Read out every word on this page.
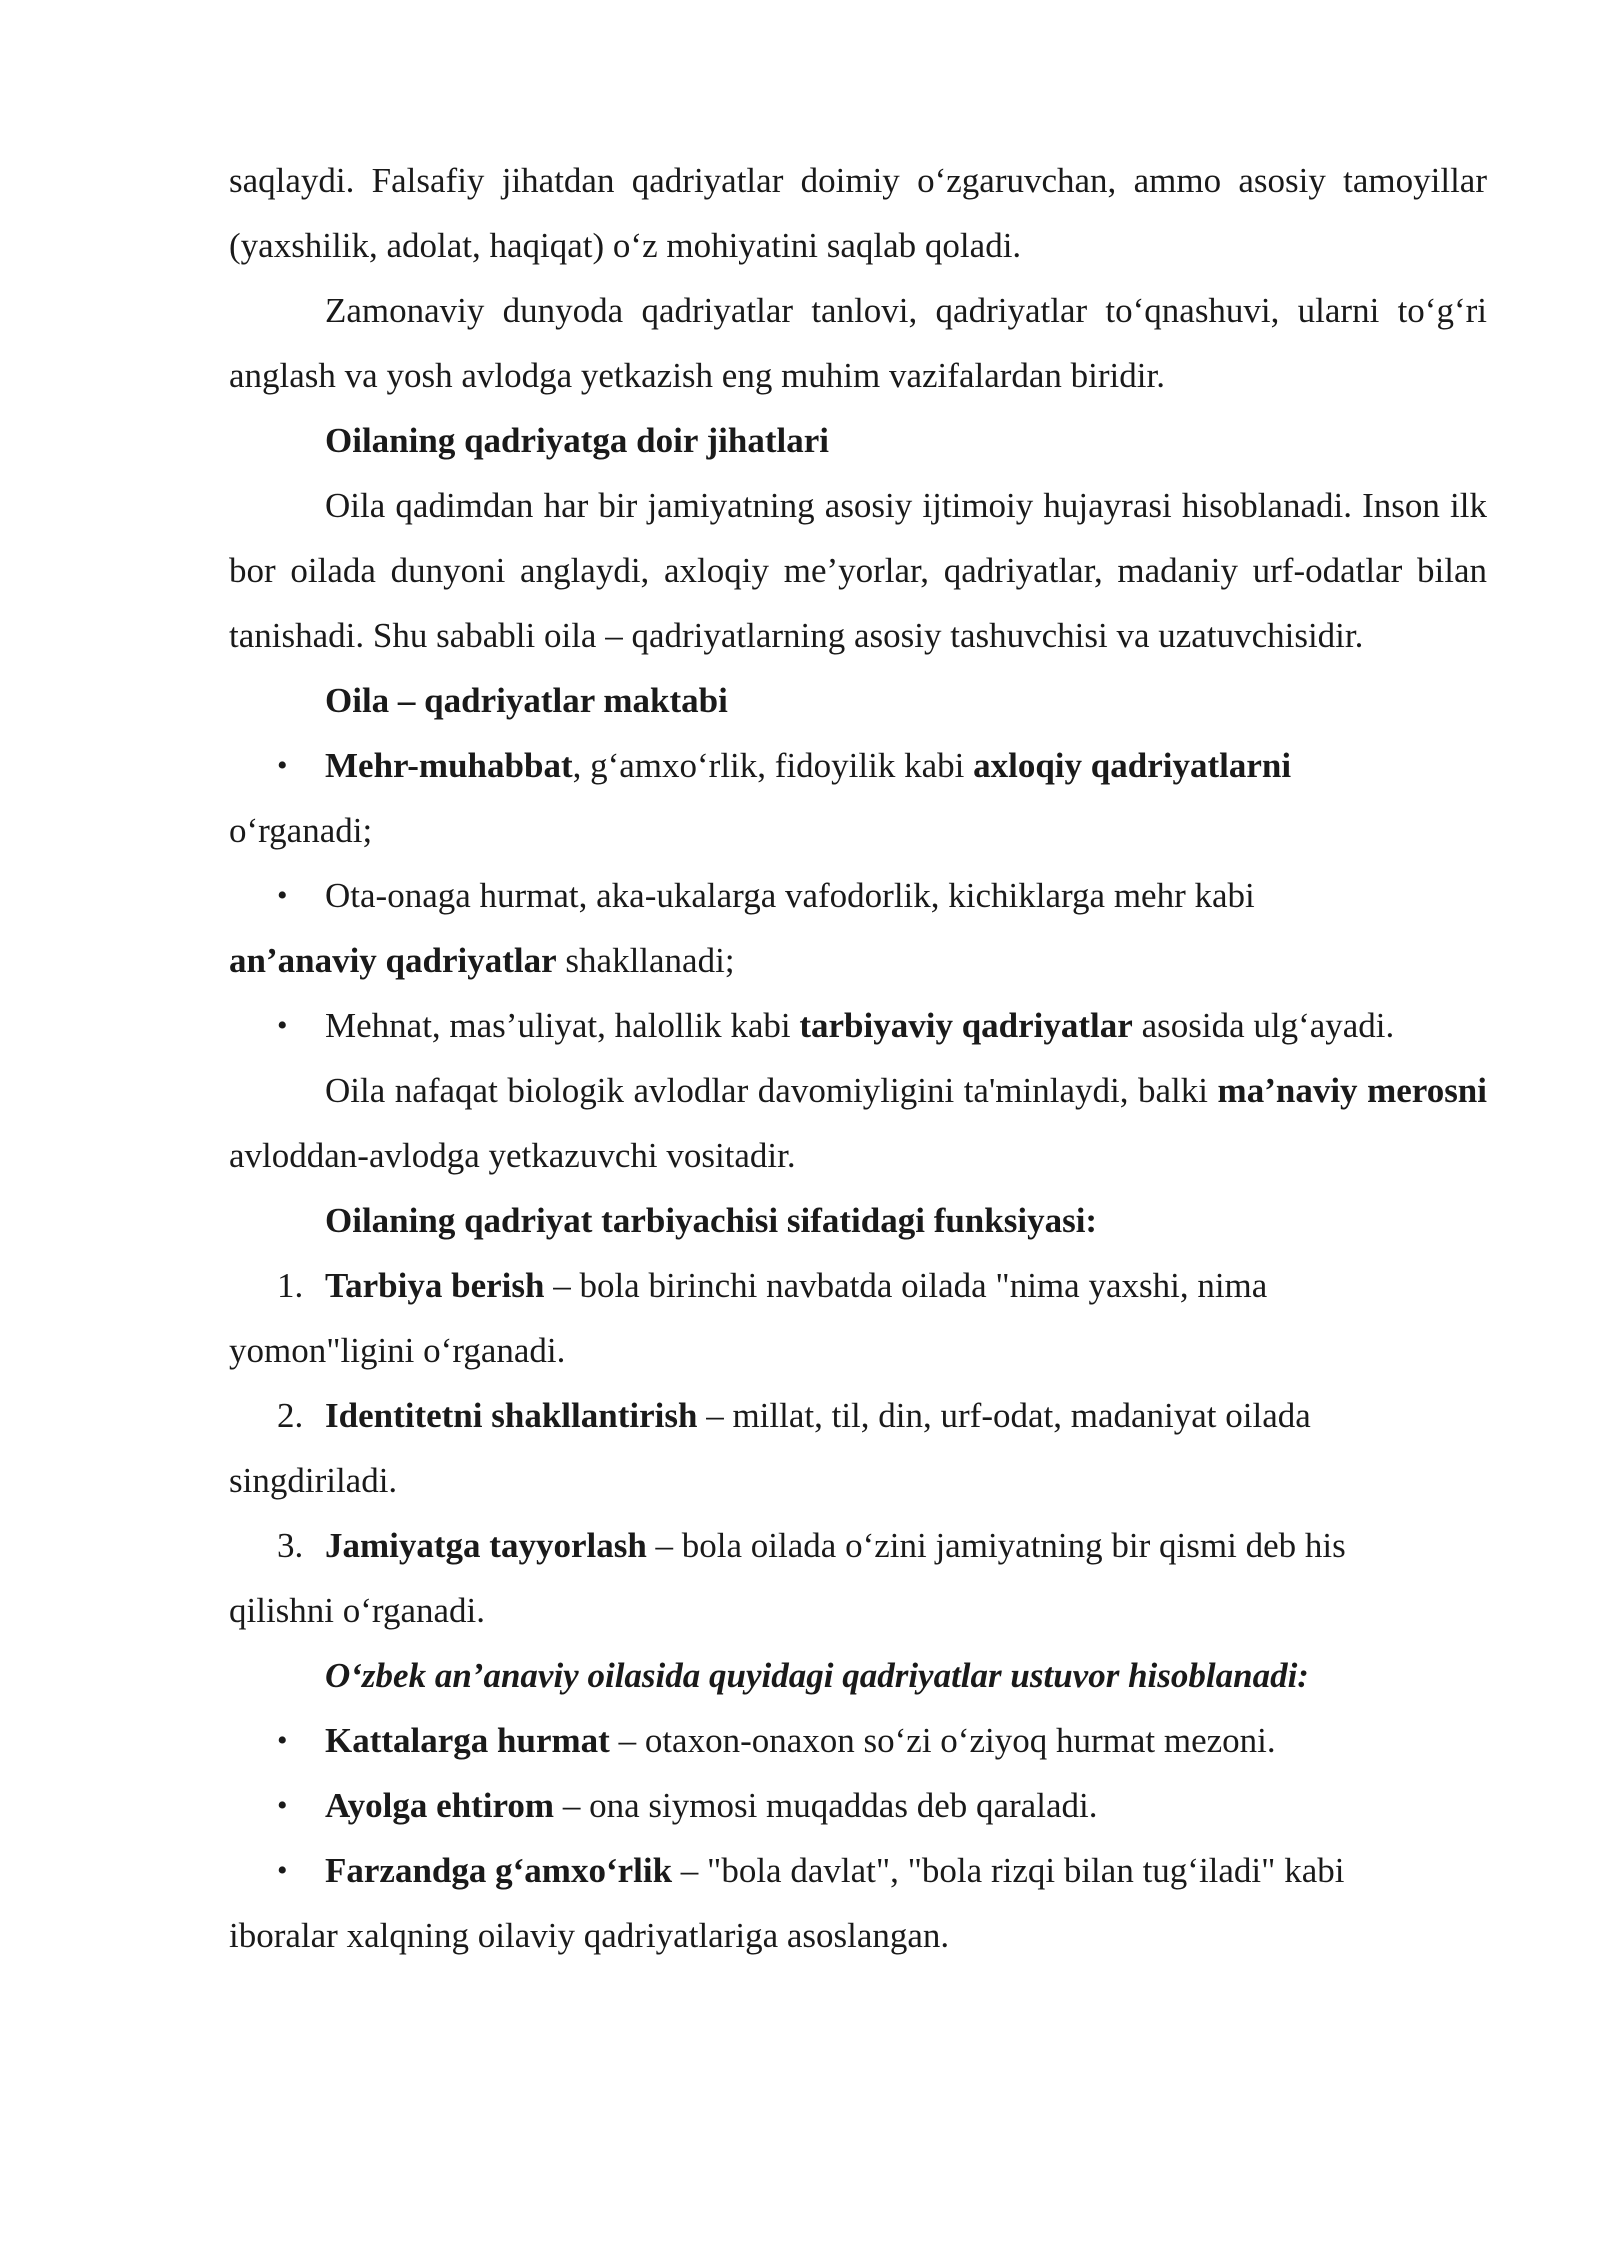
saqlaydi. Falsafiy jihatdan qadriyatlar doimiy o‘zgaruvchan, ammo asosiy tamoyillar (yaxshilik, adolat, haqiqat) o‘z mohiyatini saqlab qoladi.

Zamonaviy dunyoda qadriyatlar tanlovi, qadriyatlar to‘qnashuvi, ularni to‘g‘ri anglash va yosh avlodga yetkazish eng muhim vazifalardan biridir.

Oilaning qadriyatga doir jihatlari

Oila qadimdan har bir jamiyatning asosiy ijtimoiy hujayrasi hisoblanadi. Inson ilk bor oilada dunyoni anglaydi, axloqiy me’yorlar, qadriyatlar, madaniy urf-odatlar bilan tanishadi. Shu sababli oila – qadriyatlarning asosiy tashuvchisi va uzatuvchisidir.

Oila – qadriyatlar maktabi

• Mehr-muhabbat, g‘amxo‘rlik, fidoyilik kabi axloqiy qadriyatlarni
o‘rganadi;
• Ota-onaga hurmat, aka-ukalarga vafodorlik, kichiklarga mehr kabi
an’anaviy qadriyatlar shakllanadi;
• Mehnat, mas’uliyat, halollik kabi tarbiyaviy qadriyatlar asosida ulg‘ayadi.

Oila nafaqat biologik avlodlar davomiyligini ta'minlaydi, balki ma’naviy merosni avloddan-avlodga yetkazuvchi vositadir.

Oilaning qadriyat tarbiyachisi sifatidagi funksiyasi:

1. Tarbiya berish – bola birinchi navbatda oilada "nima yaxshi, nima
yomon"ligini o‘rganadi.
2. Identitetni shakllantirish – millat, til, din, urf-odat, madaniyat oilada
singdiriladi.
3. Jamiyatga tayyorlash – bola oilada o‘zini jamiyatning bir qismi deb his
qilishni o‘rganadi.

O‘zbek an’anaviy oilasida quyidagi qadriyatlar ustuvor hisoblanadi:

• Kattalarga hurmat – otaxon-onaxon so‘zi o‘ziyoq hurmat mezoni.
• Ayolga ehtirom – ona siymosi muqaddas deb qaraladi.
• Farzandga g‘amxo‘rlik – "bola davlat", "bola rizqi bilan tug‘iladi" kabi
iboralar xalqning oilaviy qadriyatlariga asoslangan.
